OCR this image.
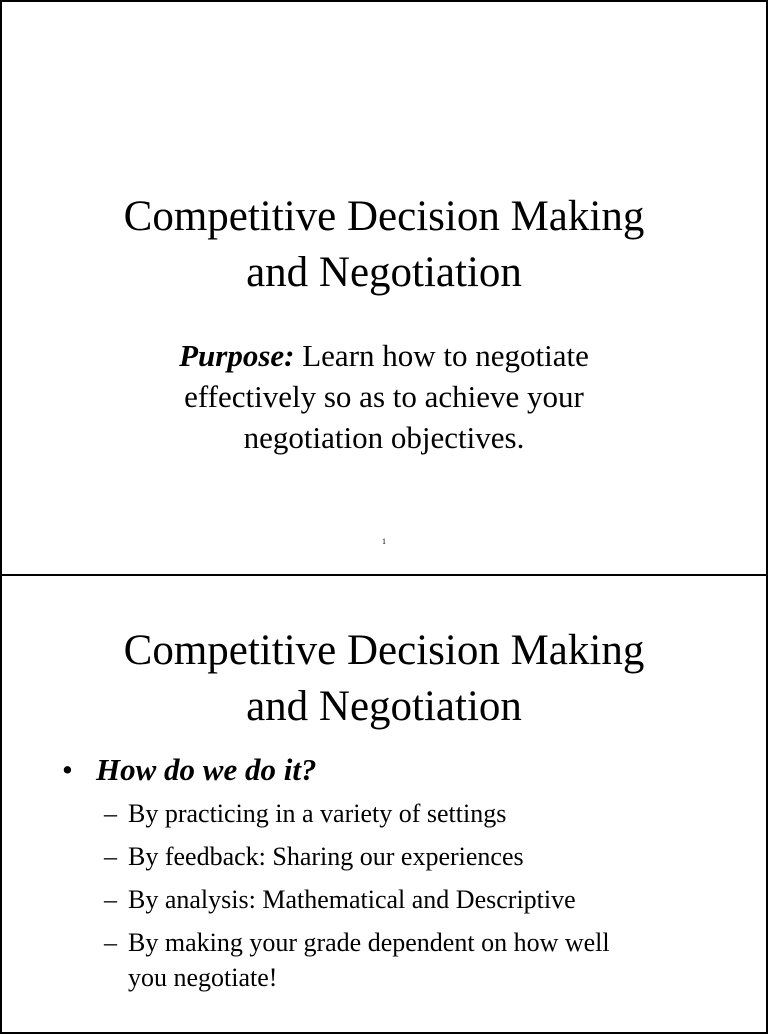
Competitive Decision Making
and Negotiation
Purpose: Learn how to negotiate
effectively so as to achieve your
negotiation objectives.
1
Competitive Decision Making
and Negotiation
• How do we do it?
– By practicing in a variety of settings
– By feedback: Sharing our experiences
– By analysis: Mathematical and Descriptive
– By making your grade dependent on how well
you negotiate!
